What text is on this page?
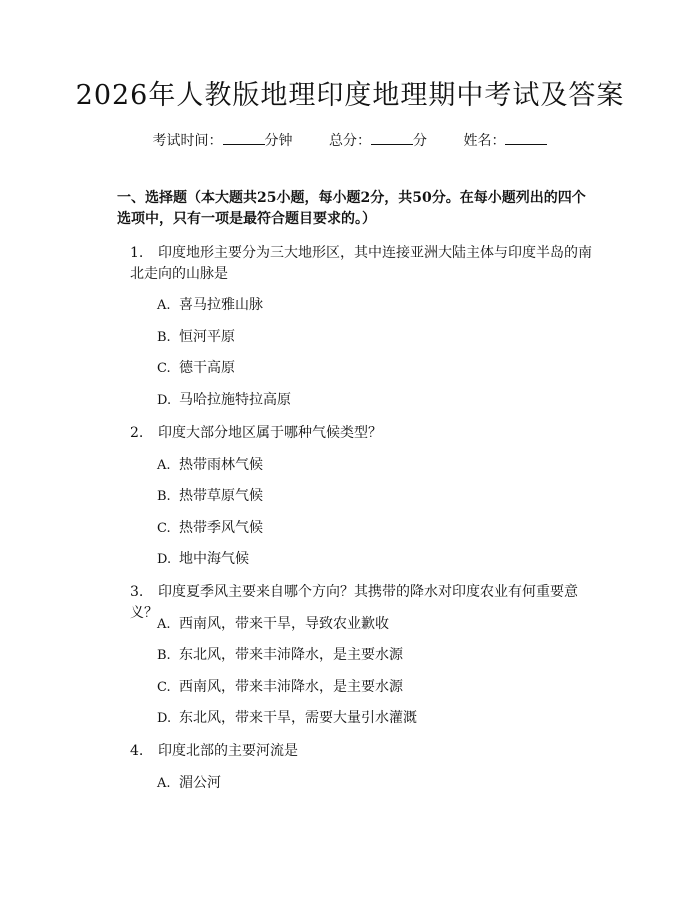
2026年人教版地理印度地理期中考试及答案
考试时间：	分钟	总分：	分	姓名：
一、选择题（本大题共25小题，每小题2分，共50分。在每小题列出的四个选项中，只有一项是最符合题目要求的。）
1. 印度地形主要分为三大地形区，其中连接亚洲大陆主体与印度半岛的南北走向的山脉是
A. 喜马拉雅山脉
B. 恒河平原
C. 德干高原
D. 马哈拉施特拉高原
2. 印度大部分地区属于哪种气候类型？
A. 热带雨林气候
B. 热带草原气候
C. 热带季风气候
D. 地中海气候
3. 印度夏季风主要来自哪个方向？其携带的降水对印度农业有何重要意义？
A. 西南风，带来干旱，导致农业歉收
B. 东北风，带来丰沛降水，是主要水源
C. 西南风，带来丰沛降水，是主要水源
D. 东北风，带来干旱，需要大量引水灌溉
4. 印度北部的主要河流是
A. 湄公河
